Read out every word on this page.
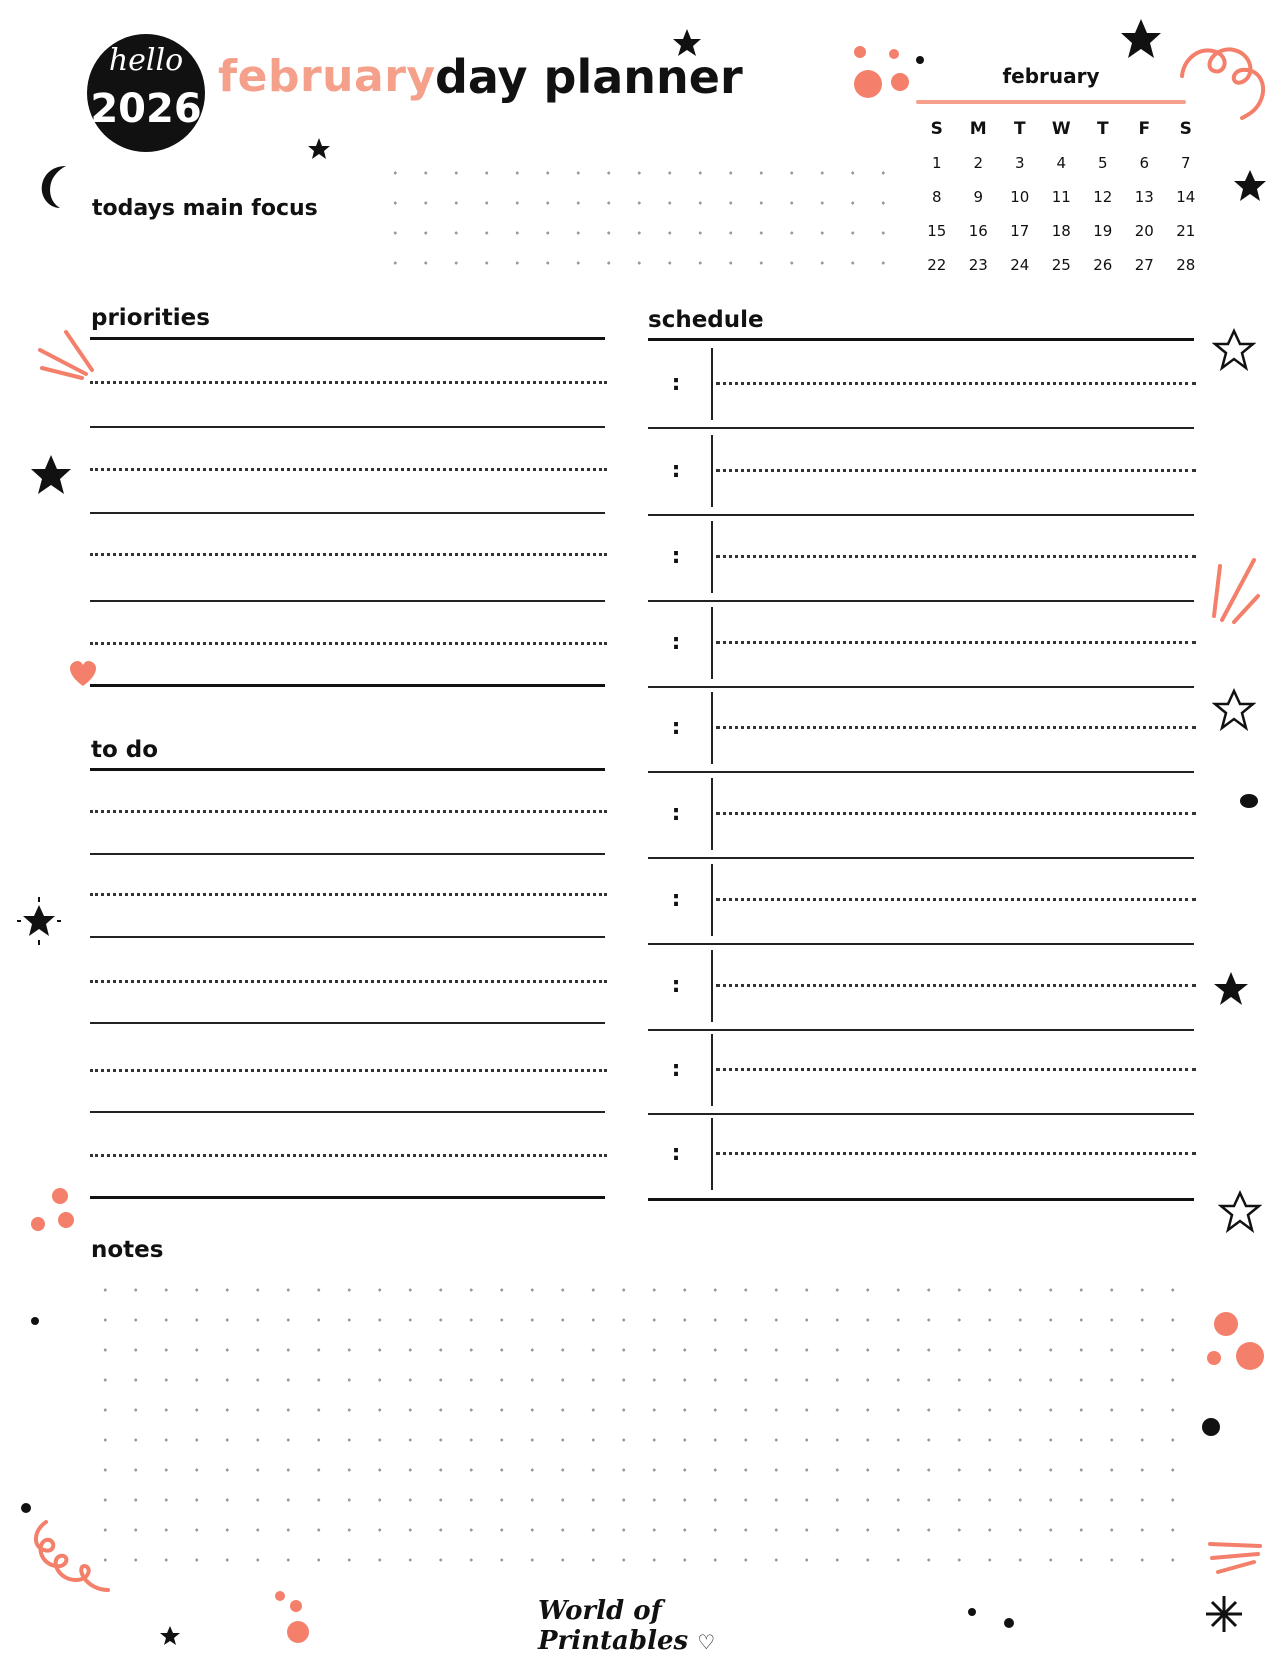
hello
2026
february day planner
todays main focus
february
S	M	T	W	T	F	S
1	2	3	4	5	6	7
8	9	10	11	12	13	14
15	16	17	18	19	20	21
22	23	24	25	26	27	28
priorities
to do
schedule
:
:
:
:
:
:
:
:
:
:
notes
World of Printables ♡
